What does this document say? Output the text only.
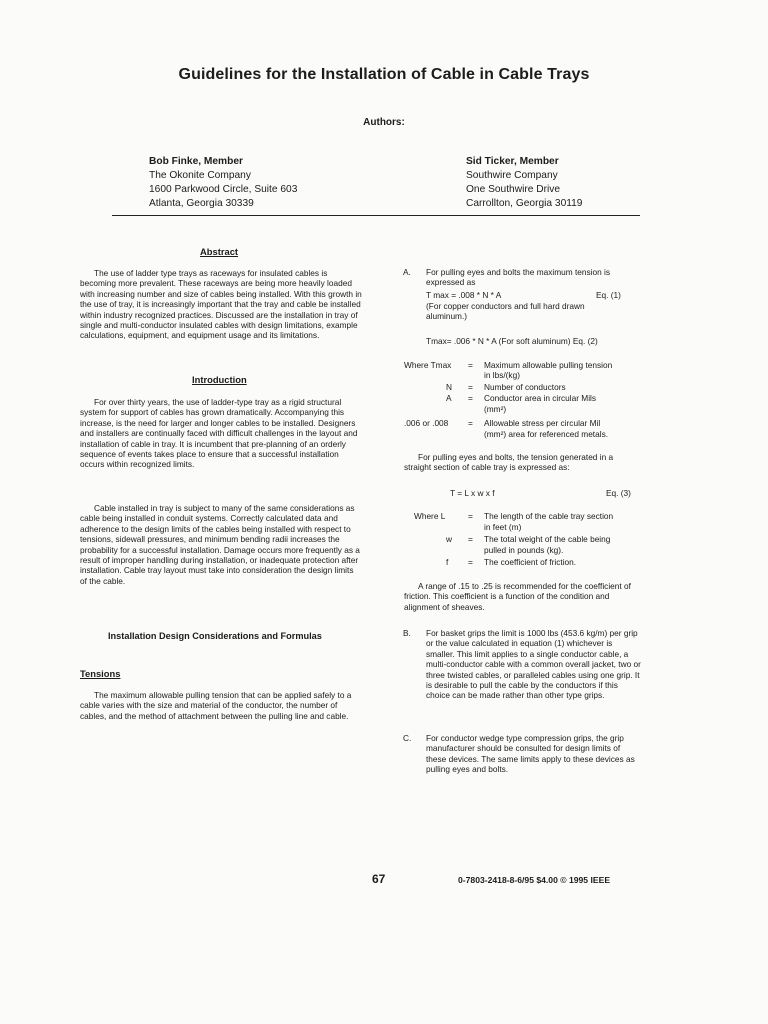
Guidelines for the Installation of Cable in Cable Trays
Authors:
Bob Finke, Member
The Okonite Company
1600 Parkwood Circle, Suite 603
Atlanta, Georgia 30339
Sid Ticker, Member
Southwire Company
One Southwire Drive
Carrollton, Georgia 30119
Abstract

The use of ladder type trays as raceways for insulated cables is becoming more prevalent. These raceways are being more heavily loaded with increasing number and size of cables being installed. With this growth in the use of tray, it is increasingly important that the tray and cable be installed within industry recognized practices. Discussed are the installation in tray of single and multi-conductor insulated cables with design limitations, example calculations, equipment, and equipment usage and its limitations.

Introduction

For over thirty years, the use of ladder-type tray as a rigid structural system for support of cables has grown dramatically. Accompanying this increase, is the need for larger and longer cables to be installed. Designers and installers are continually faced with difficult challenges in the layout and installation of cable in tray. It is incumbent that pre-planning of an orderly sequence of events takes place to ensure that a successful installation occurs within recognized limits.

Cable installed in tray is subject to many of the same considerations as cable being installed in conduit systems. Correctly calculated data and adherence to the design limits of the cables being installed with respect to tensions, sidewall pressures, and minimum bending radii increases the probability for a successful installation. Damage occurs more frequently as a result of improper handling during installation, or inadequate protection after installation. Cable tray layout must take into consideration the design limits of the cable.

Installation Design Considerations and Formulas
Tensions

The maximum allowable pulling tension that can be applied safely to a cable varies with the size and material of the conductor, the number of cables, and the method of attachment between the pulling line and cable.

A. For pulling eyes and bolts the maximum tension is
expressed as
T max = .008 * N * A	Eq. (1)
(For copper conductors and full hard drawn
aluminum.)
Tmax= .006 * N * A (For soft aluminum) Eq. (2)
Where Tmax = Maximum allowable pulling tension
in lbs/(kg)
N = Number of conductors
A = Conductor area in circular Mils
(mm²)
.006 or .008 = Allowable stress per circular Mil
(mm²) area for referenced metals.

For pulling eyes and bolts, the tension generated in a straight section of cable tray is expressed as:

T = L x w x f	Eq. (3)
Where L	= The length of the cable tray section
in feet (m)
w = The total weight of the cable being
pulled in pounds (kg).
f = The coefficient of friction.

A range of .15 to .25 is recommended for the coefficient of friction. This coefficient is a function of the condition and alignment of sheaves.

B. For basket grips the limit is 1000 lbs (453.6 kg/m) per grip or the value calculated in equation (1) whichever is smaller. This limit applies to a single conductor cable, a multi-conductor cable with a common overall jacket, two or three twisted cables, or paralleled cables using one grip. It is desirable to pull the cable by the conductors if this choice can be made rather than other type grips.
C. For conductor wedge type compression grips, the grip manufacturer should be consulted for design limits of these devices. The same limits apply to these devices as pulling eyes and bolts.
67	0-7803-2418-8-6/95 $4.00 © 1995 IEEE
